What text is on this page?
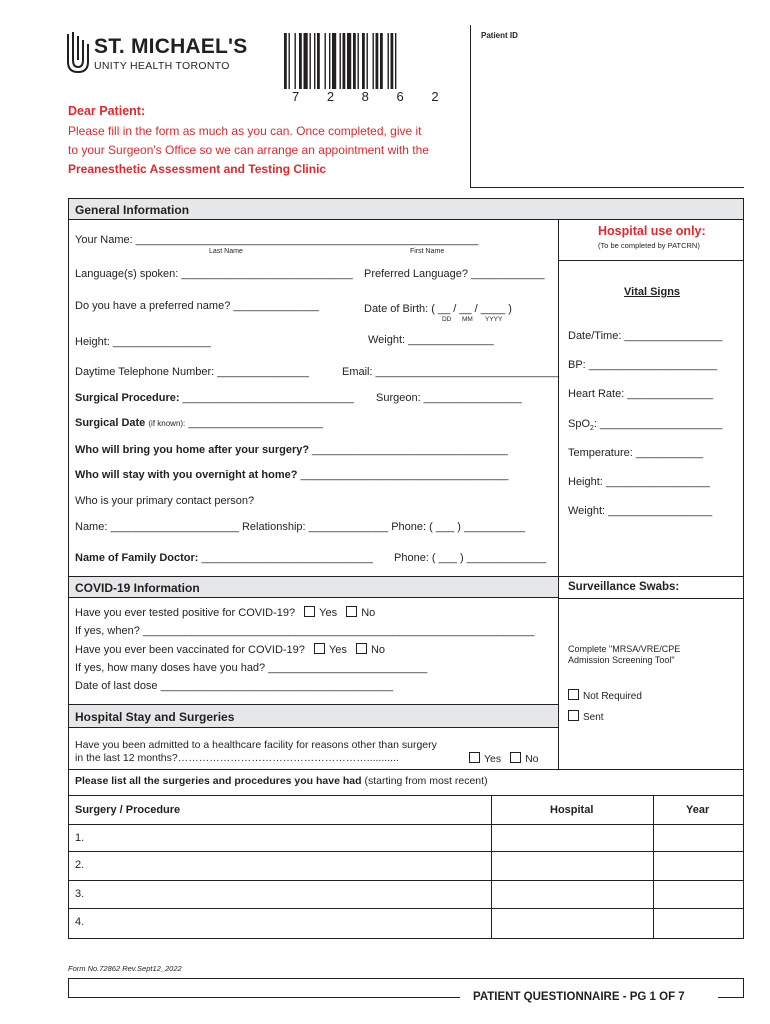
ST. MICHAEL'S
UNITY HEALTH TORONTO
7 2 8 6 2
Patient ID
Dear Patient:
Please fill in the form as much as you can. Once completed, give it
to your Surgeon's Office so we can arrange an appointment with the
Preanesthetic Assessment and Testing Clinic
General Information
Hospital use only:
(To be completed by PATCRN)
Vital Signs
Date/Time: ________________
BP: _____________________
Heart Rate: ______________
SpO$_2$: ____________________
Temperature: ___________
Height: _________________
Weight: _________________
Surveillance Swabs:
Complete "MRSA/VRE/CPE
Admission Screening Tool"
Not Required
Sent
Your Name: ________________________________________________________
Last Name	First Name
Language(s) spoken: ____________________________ Preferred Language? ____________
Do you have a preferred name? ______________	Date of Birth: ( __ / __ / ____ )
DD MM YYYY
Height: ________________	Weight: ______________
Daytime Telephone Number: _______________	Email: ______________________________
Surgical Procedure: ____________________________ Surgeon: ________________
Surgical Date (if known): ______________________
Who will bring you home after your surgery? ________________________________
Who will stay with you overnight at home? __________________________________
Who is your primary contact person?
Name: _____________________ Relationship: _____________ Phone: ( ___ ) __________
Name of Family Doctor: ____________________________ Phone: ( ___ ) _____________
COVID-19 Information
Have you ever tested positive for COVID-19? Yes No
If yes, when? ________________________________________________________________
Have you ever been vaccinated for COVID-19? Yes No
If yes, how many doses have you had? __________________________
Date of last dose ______________________________________
Hospital Stay and Surgeries
Have you been admitted to a healthcare facility for reasons other than surgery
in the last 12 months?………………………………………………...........	Yes No
Please list all the surgeries and procedures you have had (starting from most recent)
Surgery / Procedure	Hospital	Year
1.
2.
3.
4.
Form No.72862 Rev.Sept12_2022
PATIENT QUESTIONNAIRE - PG 1 OF 7
